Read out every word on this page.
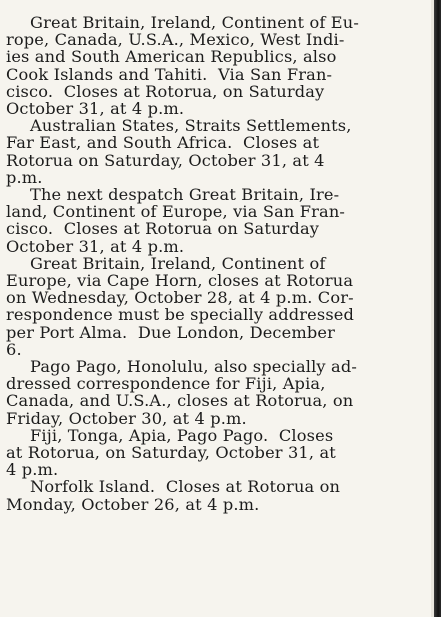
Great Britain, Ireland, Continent of Eu-
rope, Canada, U.S.A., Mexico, West Indi-
ies and South American Republics, also
Cook Islands and Tahiti.  Via San Fran-
cisco.  Closes at Rotorua, on Saturday
October 31, at 4 p.m.
Australian States, Straits Settlements,
Far East, and South Africa.  Closes at
Rotorua on Saturday, October 31, at 4
p.m.
The next despatch Great Britain, Ire-
land, Continent of Europe, via San Fran-
cisco.  Closes at Rotorua on Saturday
October 31, at 4 p.m.
Great Britain, Ireland, Continent of
Europe, via Cape Horn, closes at Rotorua
on Wednesday, October 28, at 4 p.m. Cor-
respondence must be specially addressed
per Port Alma.  Due London, December
6.
Pago Pago, Honolulu, also specially ad-
dressed correspondence for Fiji, Apia,
Canada, and U.S.A., closes at Rotorua, on
Friday, October 30, at 4 p.m.
Fiji, Tonga, Apia, Pago Pago.  Closes
at Rotorua, on Saturday, October 31, at
4 p.m.
Norfolk Island.  Closes at Rotorua on
Monday, October 26, at 4 p.m.
